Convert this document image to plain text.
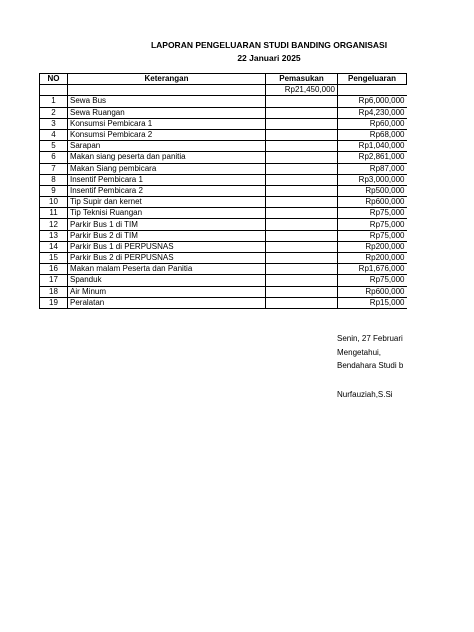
LAPORAN PENGELUARAN STUDI BANDING ORGANISASI
22 Januari 2025
NO	Keterangan	Pemasukan	Pengeluaran
		Rp21,450,000	
1	Sewa Bus		Rp6,000,000
2	Sewa Ruangan		Rp4,230,000
3	Konsumsi Pembicara 1		Rp60,000
4	Konsumsi Pembicara 2		Rp68,000
5	Sarapan		Rp1,040,000
6	Makan siang peserta dan panitia		Rp2,861,000
7	Makan Siang pembicara		Rp87,000
8	Insentif Pembicara 1		Rp3,000,000
9	Insentif Pembicara 2		Rp500,000
10	Tip Supir dan kernet		Rp600,000
11	Tip Teknisi Ruangan		Rp75,000
12	Parkir Bus 1 di TIM		Rp75,000
13	Parkir Bus 2 di TIM		Rp75,000
14	Parkir Bus 1 di PERPUSNAS		Rp200,000
15	Parkir Bus 2 di PERPUSNAS		Rp200,000
16	Makan malam Peserta dan Panitia		Rp1,676,000
17	Spanduk		Rp75,000
18	Air Minum		Rp600,000
19	Peralatan		Rp15,000
Senin, 27 Februari
Mengetahui,
Bendahara Studi b
Nurfauziah,S.Si
